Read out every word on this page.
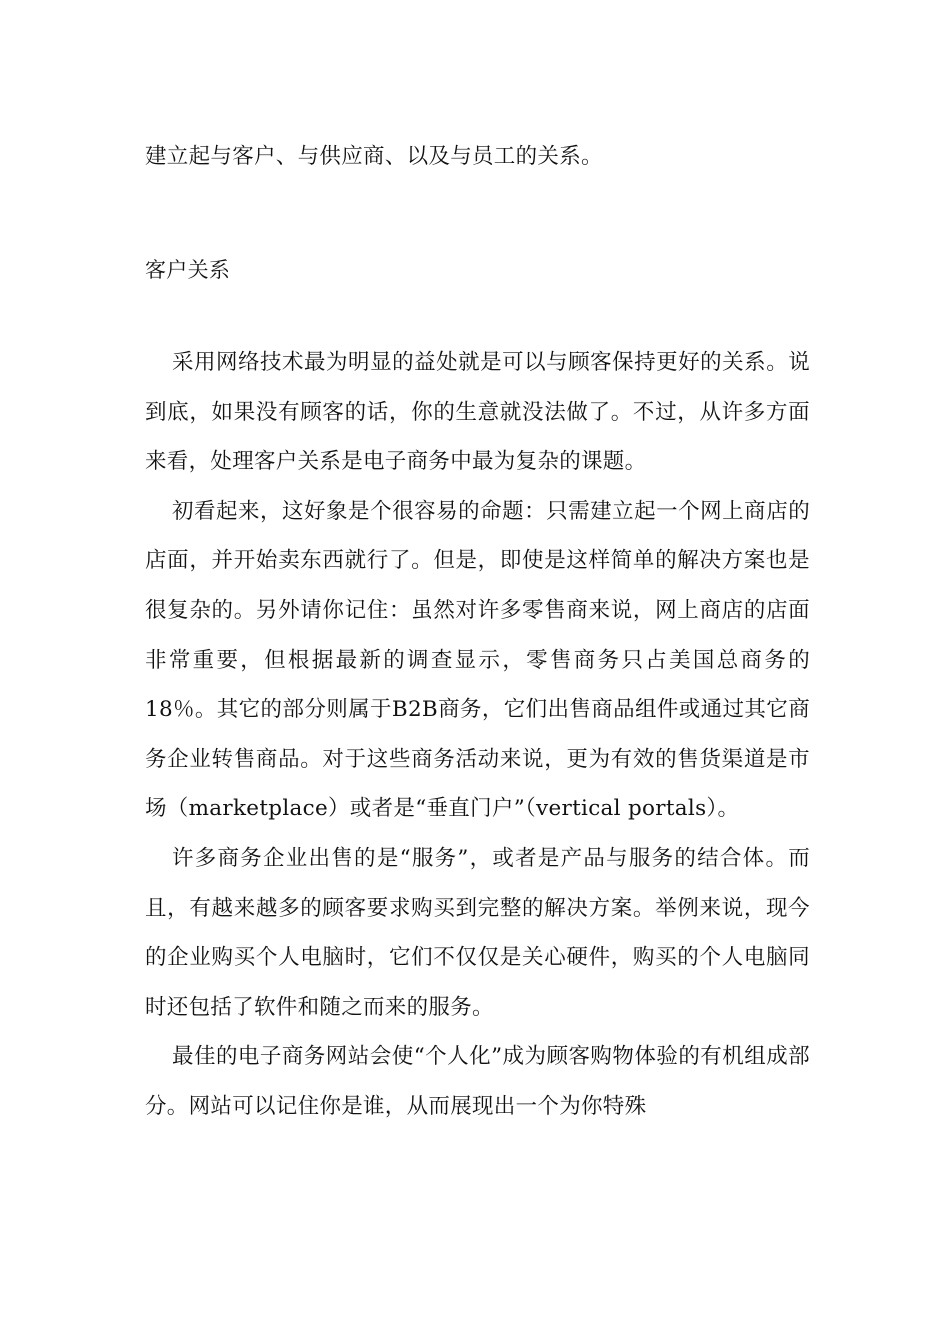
建立起与客户、与供应商、以及与员工的关系。

客户关系

采用网络技术最为明显的益处就是可以与顾客保持更好的关系。说到底，如果没有顾客的话，你的生意就没法做了。不过，从许多方面来看，处理客户关系是电子商务中最为复杂的课题。

初看起来，这好象是个很容易的命题：只需建立起一个网上商店的店面，并开始卖东西就行了。但是，即使是这样简单的解决方案也是很复杂的。另外请你记住：虽然对许多零售商来说，网上商店的店面非常重要，但根据最新的调查显示，零售商务只占美国总商务的18％。其它的部分则属于B2B商务，它们出售商品组件或通过其它商务企业转售商品。对于这些商务活动来说，更为有效的售货渠道是市场（marketplace）或者是“垂直门户”（vertical portals）。

许多商务企业出售的是“服务”，或者是产品与服务的结合体。而且，有越来越多的顾客要求购买到完整的解决方案。举例来说，现今的企业购买个人电脑时，它们不仅仅是关心硬件，购买的个人电脑同时还包括了软件和随之而来的服务。

最佳的电子商务网站会使“个人化”成为顾客购物体验的有机组成部分。网站可以记住你是谁，从而展现出一个为你特殊
